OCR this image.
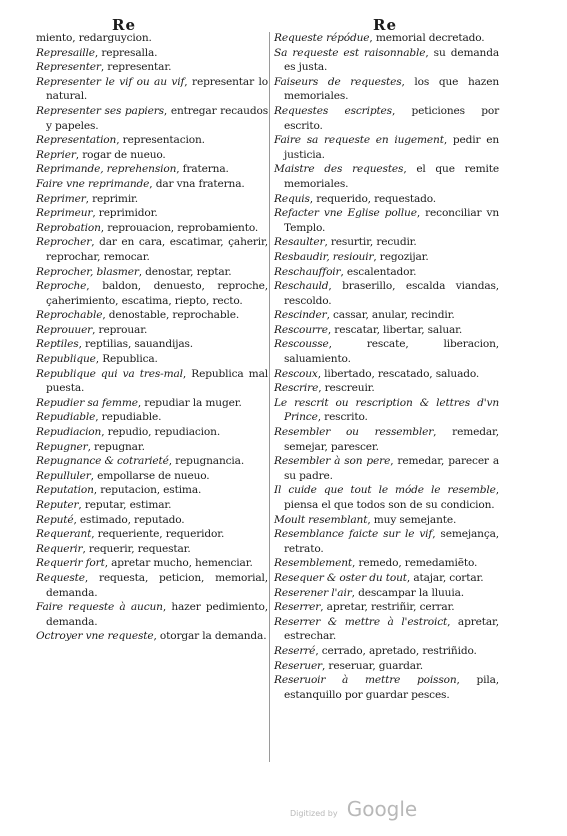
Re	Re

miento, redarguycion.

Represaille, represalla.

Representer, representar.

Representer le vif ou au vif, representar lo natural.

Representer ses papiers, entregar recaudos y papeles.

Representation, representacion.

Reprier, rogar de nueuo.

Reprimande, reprehension, fraterna.

Faire vne reprimande, dar vna fraterna.

Reprimer, reprimir.

Reprimeur, reprimidor.

Reprobation, reprouacion, reprobamiento.

Reprocher, dar en cara, escatimar, çaherir, reprochar, remocar.

Reprocher, blasmer, denostar, reptar.

Reproche, baldon, denuesto, reproche, çaherimiento, escatima, riepto, recto.

Reprochable, denostable, reprochable.

Reprouuer, reprouar.

Reptiles, reptilias, sauandijas.

Republique, Republica.

Republique qui va tres-mal, Republica mal puesta.

Repudier sa femme, repudiar la muger.

Repudiable, repudiable.

Repudiacion, repudio, repudiacion.

Repugner, repugnar.

Repugnance & cotrarieté, repugnancia.

Repulluler, empollarse de nueuo.

Reputation, reputacion, estima.

Reputer, reputar, estimar.

Reputé, estimado, reputado.

Requerant, requeriente, requeridor.

Requerir, requerir, requestar.

Requerir fort, apretar mucho, hemenciar.

Requeste, requesta, peticion, memorial, demanda.

Faire requeste à aucun, hazer pedimiento, demanda.

Octroyer vne requeste, otorgar la demanda.

Requeste répódue, memorial decretado.

Sa requeste est raisonnable, su demanda es justa.

Faiseurs de requestes, los que hazen memoriales.

Requestes escriptes, peticiones por escrito.

Faire sa requeste en iugement, pedir en justicia.

Maistre des requestes, el que remite memoriales.

Requis, requerido, requestado.

Refacter vne Eglise pollue, reconciliar vn Templo.

Resaulter, resurtir, recudir.

Resbaudir, resiouir, regozijar.

Reschauffoir, escalentador.

Reschauld, braserillo, escalda viandas, rescoldo.

Rescinder, cassar, anular, recindir.

Rescourre, rescatar, libertar, saluar.

Rescousse, rescate, liberacion, saluamiento.

Rescoux, libertado, rescatado, saluado.

Rescrire, rescreuir.

Le rescrit ou rescription & lettres d'vn Prince, rescrito.

Resembler ou ressembler, remedar, semejar, parescer.

Resembler à son pere, remedar, parecer a su padre.

Il cuide que tout le móde le resemble, piensa el que todos son de su condicion.

Moult resemblant, muy semejante.

Resemblance faicte sur le vif, semejança, retrato.

Resemblement, remedo, remedamiẽto.

Resequer & oster du tout, atajar, cortar.

Reserener l'air, descampar la lluuia.

Reserrer, apretar, restriñir, cerrar.

Reserrer & mettre à l'estroict, apretar, estrechar.

Reserré, cerrado, apretado, restriñido.

Reseruer, reseruar, guardar.

Reseruoir à mettre poisson, pila, estanquillo por guardar pesces.

Digitized by Google
